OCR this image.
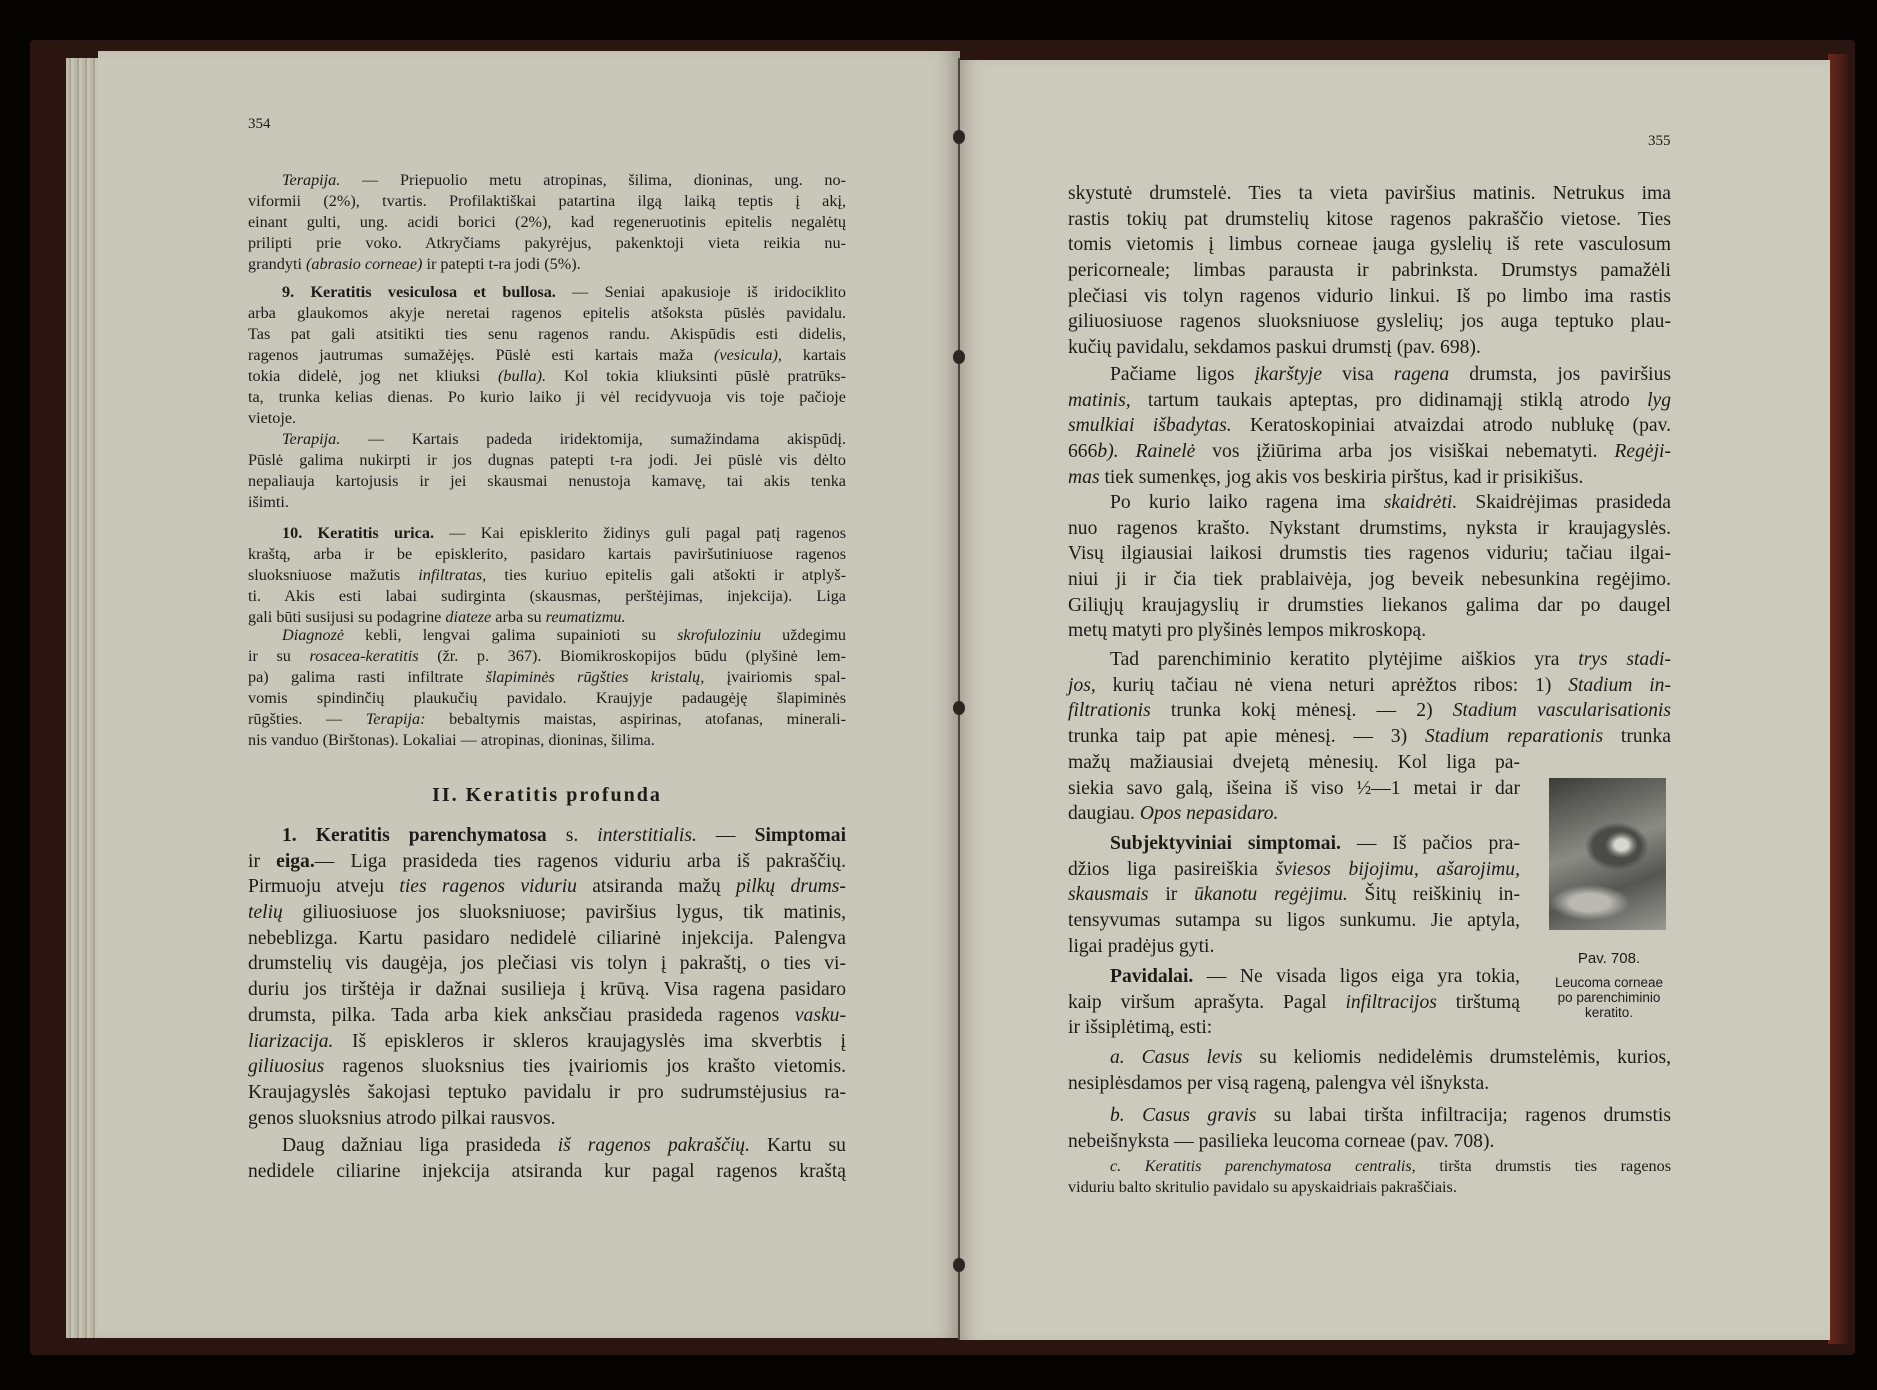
354
355
II. Keratitis profunda
Terapija. — Priepuolio metu atropinas, šilima, dioninas, ung. no-
viformii (2%), tvartis. Profilaktiškai patartina ilgą laiką teptis į akį,
einant gulti, ung. acidi borici (2%), kad regeneruotinis epitelis negalėtų
prilipti prie voko. Atkryčiams pakyrėjus, pakenktoji vieta reikia nu-
grandyti (abrasio corneae) ir patepti t-ra jodi (5%).
9. Keratitis vesiculosa et bullosa. — Seniai apakusioje iš iridociklito
arba glaukomos akyje neretai ragenos epitelis atšoksta pūslės pavidalu.
Tas pat gali atsitikti ties senu ragenos randu. Akispūdis esti didelis,
ragenos jautrumas sumažėjęs. Pūslė esti kartais maža (vesicula), kartais
tokia didelė, jog net kliuksi (bulla). Kol tokia kliuksinti pūslė pratrūks-
ta, trunka kelias dienas. Po kurio laiko ji vėl recidyvuoja vis toje pačioje
vietoje.
Terapija. — Kartais padeda iridektomija, sumažindama akispūdį.
Pūslė galima nukirpti ir jos dugnas patepti t-ra jodi. Jei pūslė vis dėlto
nepaliauja kartojusis ir jei skausmai nenustoja kamavę, tai akis tenka
išimti.
10. Keratitis urica. — Kai episklerito židinys guli pagal patį ragenos
kraštą, arba ir be episklerito, pasidaro kartais paviršutiniuose ragenos
sluoksniuose mažutis infiltratas, ties kuriuo epitelis gali atšokti ir atplyš-
ti. Akis esti labai sudirginta (skausmas, perštėjimas, injekcija). Liga
gali būti susijusi su podagrine diateze arba su reumatizmu.
Diagnozė kebli, lengvai galima supainioti su skrofuloziniu uždegimu
ir su rosacea-keratitis (žr. p. 367). Biomikroskopijos būdu (plyšinė lem-
pa) galima rasti infiltrate šlapiminės rūgšties kristalų, įvairiomis spal-
vomis spindinčių plaukučių pavidalo. Kraujyje padaugėję šlapiminės
rūgšties. — Terapija: bebaltymis maistas, aspirinas, atofanas, minerali-
nis vanduo (Birštonas). Lokaliai — atropinas, dioninas, šilima.
1. Keratitis parenchymatosa s. interstitialis. — Simptomai
ir eiga.— Liga prasideda ties ragenos viduriu arba iš pakraščių.
Pirmuoju atveju ties ragenos viduriu atsiranda mažų pilkų drums-
telių giliuosiuose jos sluoksniuose; paviršius lygus, tik matinis,
nebeblizga. Kartu pasidaro nedidelė ciliarinė injekcija. Palengva
drumstelių vis daugėja, jos plečiasi vis tolyn į pakraštį, o ties vi-
duriu jos tirštėja ir dažnai susilieja į krūvą. Visa ragena pasidaro
drumsta, pilka. Tada arba kiek anksčiau prasideda ragenos vasku-
liarizacija. Iš episkleros ir skleros kraujagyslės ima skverbtis į
giliuosius ragenos sluoksnius ties įvairiomis jos krašto vietomis.
Kraujagyslės šakojasi teptuko pavidalu ir pro sudrumstėjusius ra-
genos sluoksnius atrodo pilkai rausvos.
Daug dažniau liga prasideda iš ragenos pakraščių. Kartu su
nedidele ciliarine injekcija atsiranda kur pagal ragenos kraštą
skystutė drumstelė. Ties ta vieta paviršius matinis. Netrukus ima
rastis tokių pat drumstelių kitose ragenos pakraščio vietose. Ties
tomis vietomis į limbus corneae įauga gyslelių iš rete vasculosum
pericorneale; limbas parausta ir pabrinksta. Drumstys pamažėli
plečiasi vis tolyn ragenos vidurio linkui. Iš po limbo ima rastis
giliuosiuose ragenos sluoksniuose gyslelių; jos auga teptuko plau-
kučių pavidalu, sekdamos paskui drumstį (pav. 698).
Pačiame ligos įkarštyje visa ragena drumsta, jos paviršius
matinis, tartum taukais apteptas, pro didinamąjį stiklą atrodo lyg
smulkiai išbadytas. Keratoskopiniai atvaizdai atrodo nublukę (pav.
666b). Rainelė vos įžiūrima arba jos visiškai nebematyti. Regėji-
mas tiek sumenkęs, jog akis vos beskiria pirštus, kad ir prisikišus.
Po kurio laiko ragena ima skaidrėti. Skaidrėjimas prasideda
nuo ragenos krašto. Nykstant drumstims, nyksta ir kraujagyslės.
Visų ilgiausiai laikosi drumstis ties ragenos viduriu; tačiau ilgai-
niui ji ir čia tiek prablaivėja, jog beveik nebesunkina regėjimo.
Giliųjų kraujagyslių ir drumsties liekanos galima dar po daugel
metų matyti pro plyšinės lempos mikroskopą.
Tad parenchiminio keratito plytėjime aiškios yra trys stadi-
jos, kurių tačiau nė viena neturi aprėžtos ribos: 1) Stadium in-
filtrationis trunka kokį mėnesį. — 2) Stadium vascularisationis
trunka taip pat apie mėnesį. — 3) Stadium reparationis trunka
mažų mažiausiai dvejetą mėnesių. Kol liga pa-
siekia savo galą, išeina iš viso ½—1 metai ir dar
daugiau. Opos nepasidaro.
Subjektyviniai simptomai. — Iš pačios pra-
džios liga pasireiškia šviesos bijojimu, ašarojimu,
skausmais ir ūkanotu regėjimu. Šitų reiškinių in-
tensyvumas sutampa su ligos sunkumu. Jie aptyla,
ligai pradėjus gyti.
Pavidalai. — Ne visada ligos eiga yra tokia,
kaip viršum aprašyta. Pagal infiltracijos tirštumą
ir išsiplėtimą, esti:
a. Casus levis su keliomis nedidelėmis drumstelėmis, kurios,
nesiplėsdamos per visą rageną, palengva vėl išnyksta.
b. Casus gravis su labai tiršta infiltracija; ragenos drumstis
nebeišnyksta — pasilieka leucoma corneae (pav. 708).
c. Keratitis parenchymatosa centralis, tiršta drumstis ties ragenos
viduriu balto skritulio pavidalo su apyskaidriais pakraščiais.
Pav. 708.
Leucoma corneae
po parenchiminio
keratito.
